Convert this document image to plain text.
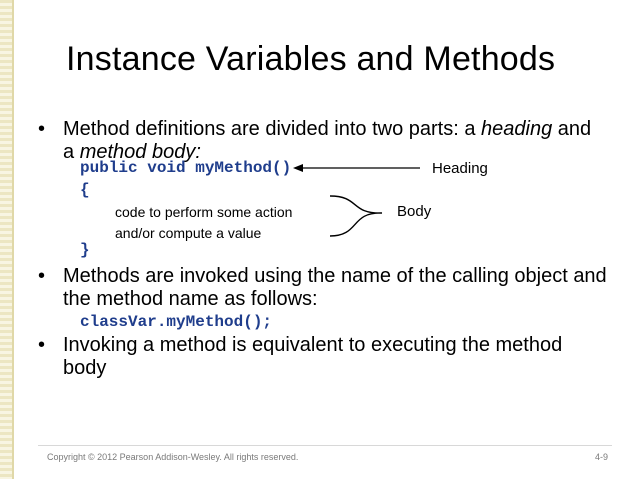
Instance Variables and Methods
• Method definitions are divided into two parts: a heading and
a method body:
public void myMethod()
{
code to perform some action
and/or compute a value
}
Heading
Body
• Methods are invoked using the name of the calling object and
the method name as follows:
classVar.myMethod();
• Invoking a method is equivalent to executing the method
body
Copyright © 2012 Pearson Addison-Wesley. All rights reserved.	4-9
